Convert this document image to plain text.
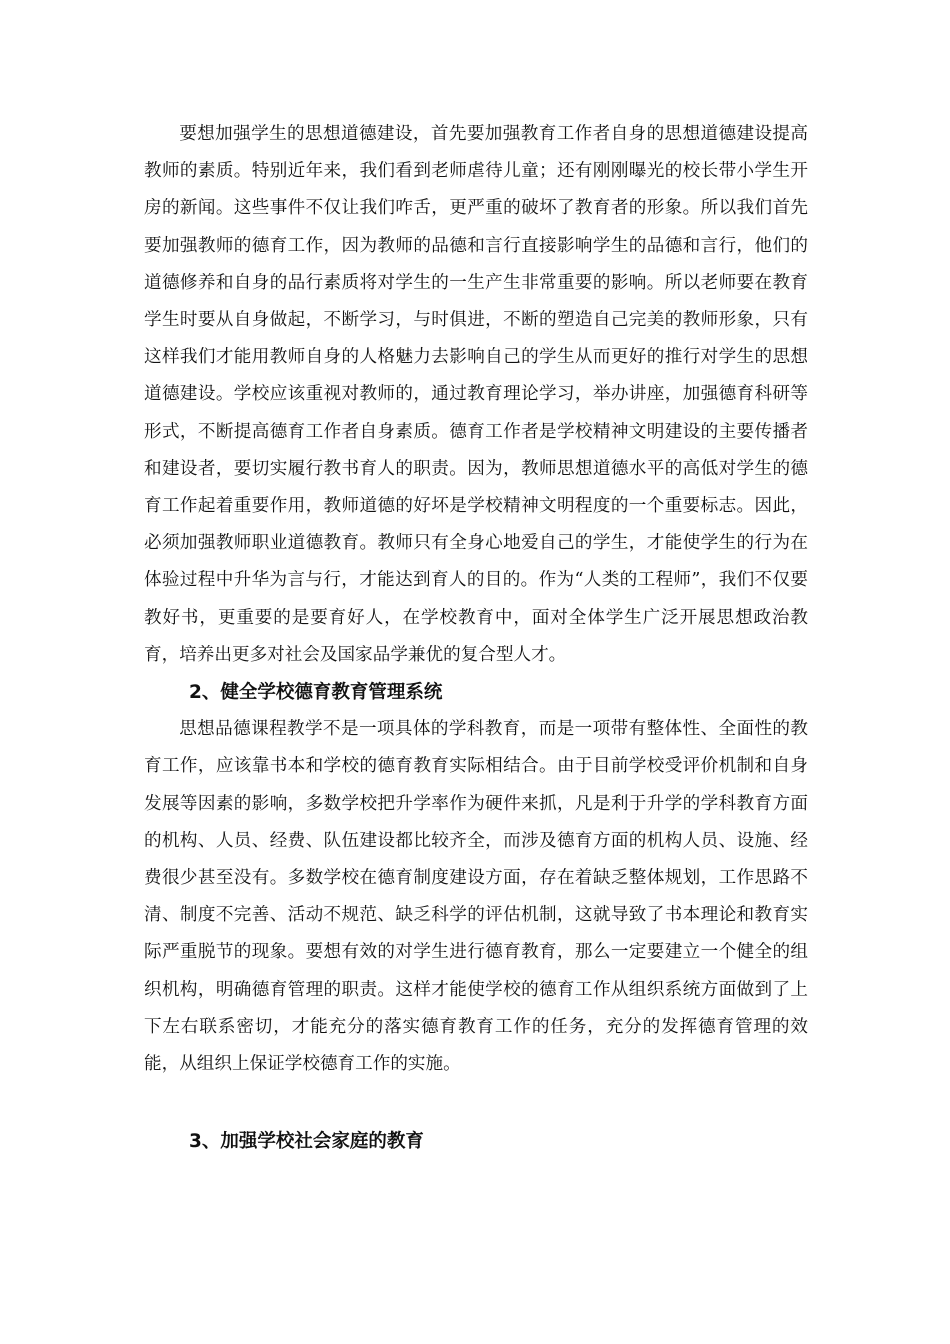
要想加强学生的思想道德建设，首先要加强教育工作者自身的思想道德建设提高教师的素质。特别近年来，我们看到老师虐待儿童；还有刚刚曝光的校长带小学生开房的新闻。这些事件不仅让我们咋舌，更严重的破坏了教育者的形象。所以我们首先要加强教师的德育工作，因为教师的品德和言行直接影响学生的品德和言行，他们的道德修养和自身的品行素质将对学生的一生产生非常重要的影响。所以老师要在教育学生时要从自身做起，不断学习，与时俱进，不断的塑造自己完美的教师形象，只有这样我们才能用教师自身的人格魅力去影响自己的学生从而更好的推行对学生的思想道德建设。学校应该重视对教师的，通过教育理论学习，举办讲座，加强德育科研等形式，不断提高德育工作者自身素质。德育工作者是学校精神文明建设的主要传播者和建设者，要切实履行教书育人的职责。因为，教师思想道德水平的高低对学生的德育工作起着重要作用，教师道德的好坏是学校精神文明程度的一个重要标志。因此，必须加强教师职业道德教育。教师只有全身心地爱自己的学生，才能使学生的行为在体验过程中升华为言与行，才能达到育人的目的。作为“人类的工程师”，我们不仅要教好书，更重要的是要育好人，在学校教育中，面对全体学生广泛开展思想政治教育，培养出更多对社会及国家品学兼优的复合型人才。

2、健全学校德育教育管理系统

思想品德课程教学不是一项具体的学科教育，而是一项带有整体性、全面性的教育工作，应该靠书本和学校的德育教育实际相结合。由于目前学校受评价机制和自身发展等因素的影响，多数学校把升学率作为硬件来抓，凡是利于升学的学科教育方面的机构、人员、经费、队伍建设都比较齐全，而涉及德育方面的机构人员、设施、经费很少甚至没有。多数学校在德育制度建设方面，存在着缺乏整体规划，工作思路不清、制度不完善、活动不规范、缺乏科学的评估机制，这就导致了书本理论和教育实际严重脱节的现象。要想有效的对学生进行德育教育，那么一定要建立一个健全的组织机构，明确德育管理的职责。这样才能使学校的德育工作从组织系统方面做到了上下左右联系密切，才能充分的落实德育教育工作的任务，充分的发挥德育管理的效能，从组织上保证学校德育工作的实施。

3、加强学校社会家庭的教育
